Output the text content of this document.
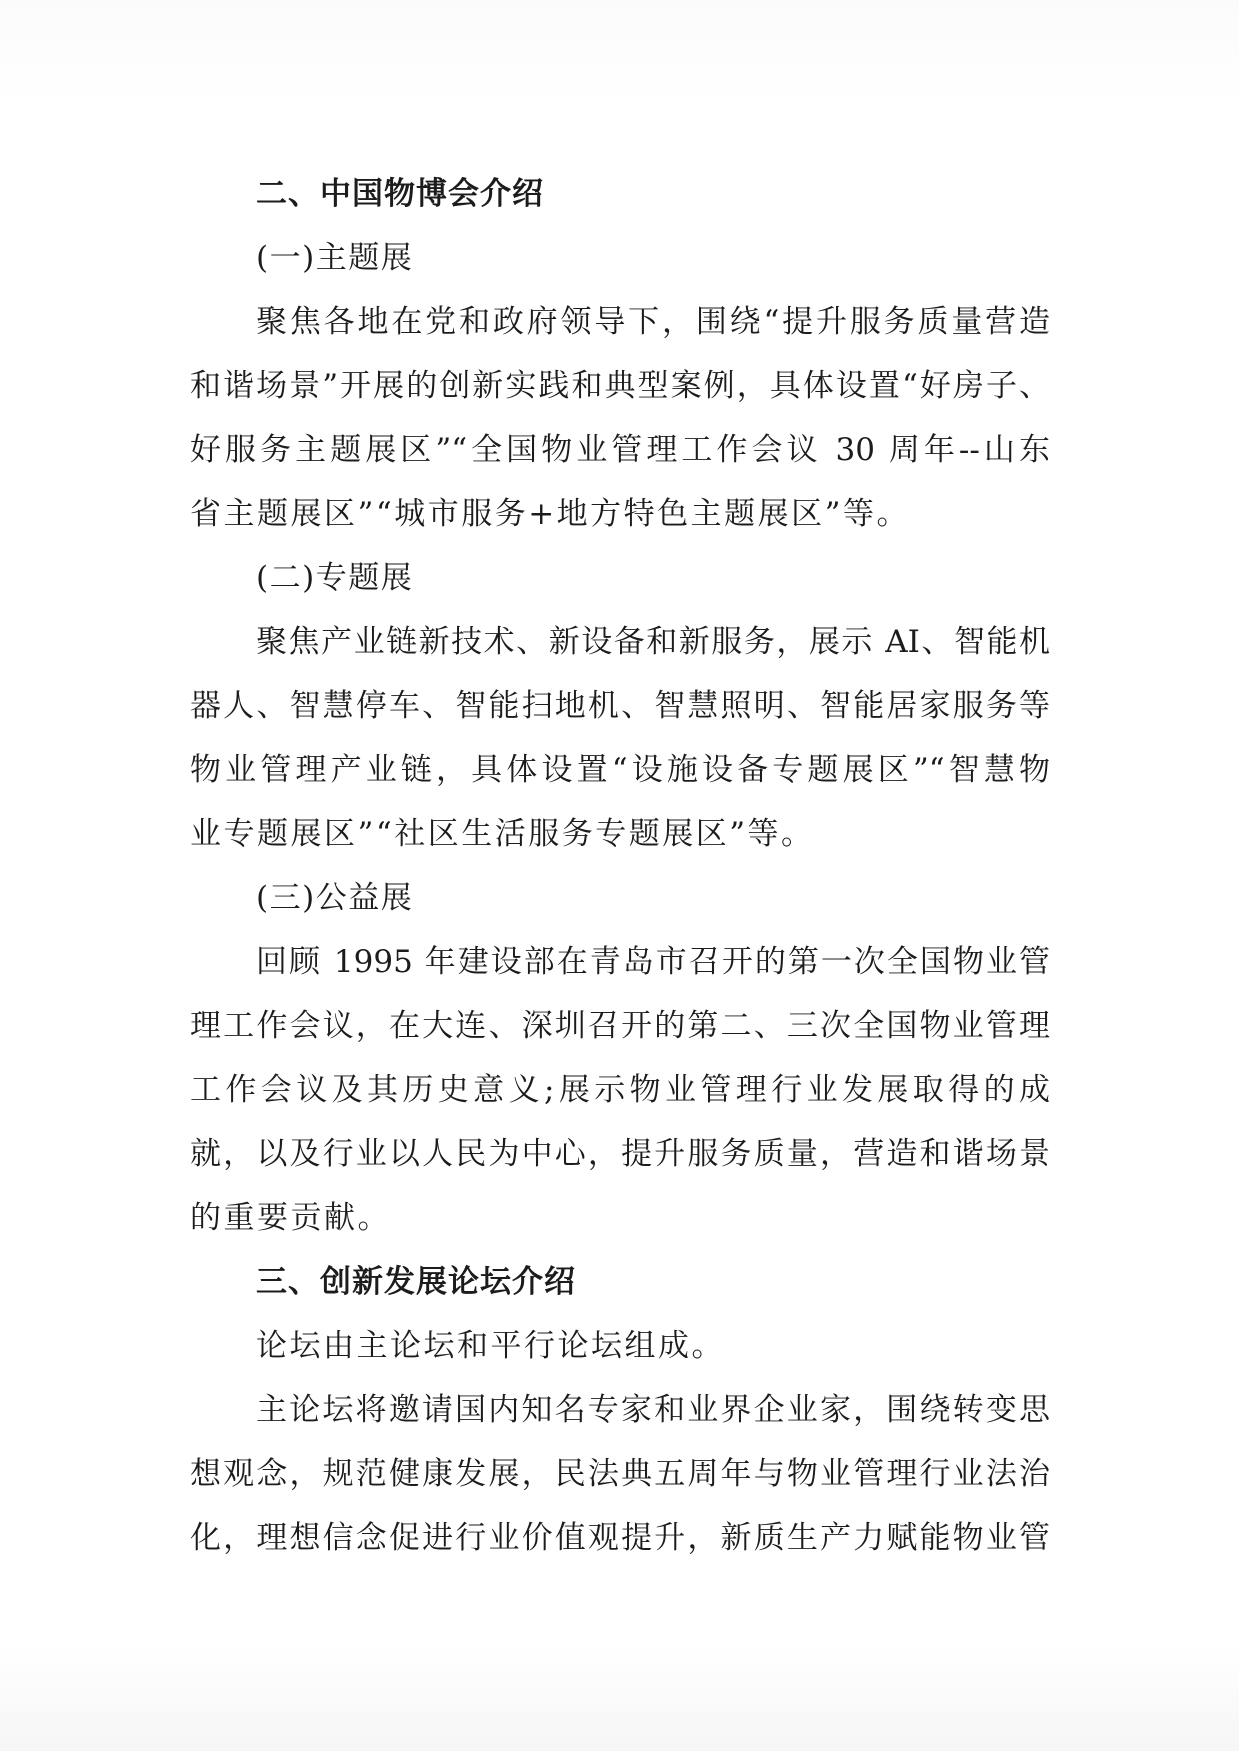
二、中国物博会介绍
(一)主题展
聚焦各地在党和政府领导下，围绕“提升服务质量营造
和谐场景”开展的创新实践和典型案例，具体设置“好房子、
好服务主题展区”“全国物业管理工作会议 30 周年--山东
省主题展区”“城市服务+地方特色主题展区”等。
(二)专题展
聚焦产业链新技术、新设备和新服务，展示 AI、智能机
器人、智慧停车、智能扫地机、智慧照明、智能居家服务等
物业管理产业链，具体设置“设施设备专题展区”“智慧物
业专题展区”“社区生活服务专题展区”等。
(三)公益展
回顾 1995 年建设部在青岛市召开的第一次全国物业管
理工作会议，在大连、深圳召开的第二、三次全国物业管理
工作会议及其历史意义;展示物业管理行业发展取得的成
就，以及行业以人民为中心，提升服务质量，营造和谐场景
的重要贡献。
三、创新发展论坛介绍
论坛由主论坛和平行论坛组成。
主论坛将邀请国内知名专家和业界企业家，围绕转变思
想观念，规范健康发展，民法典五周年与物业管理行业法治
化，理想信念促进行业价值观提升，新质生产力赋能物业管
